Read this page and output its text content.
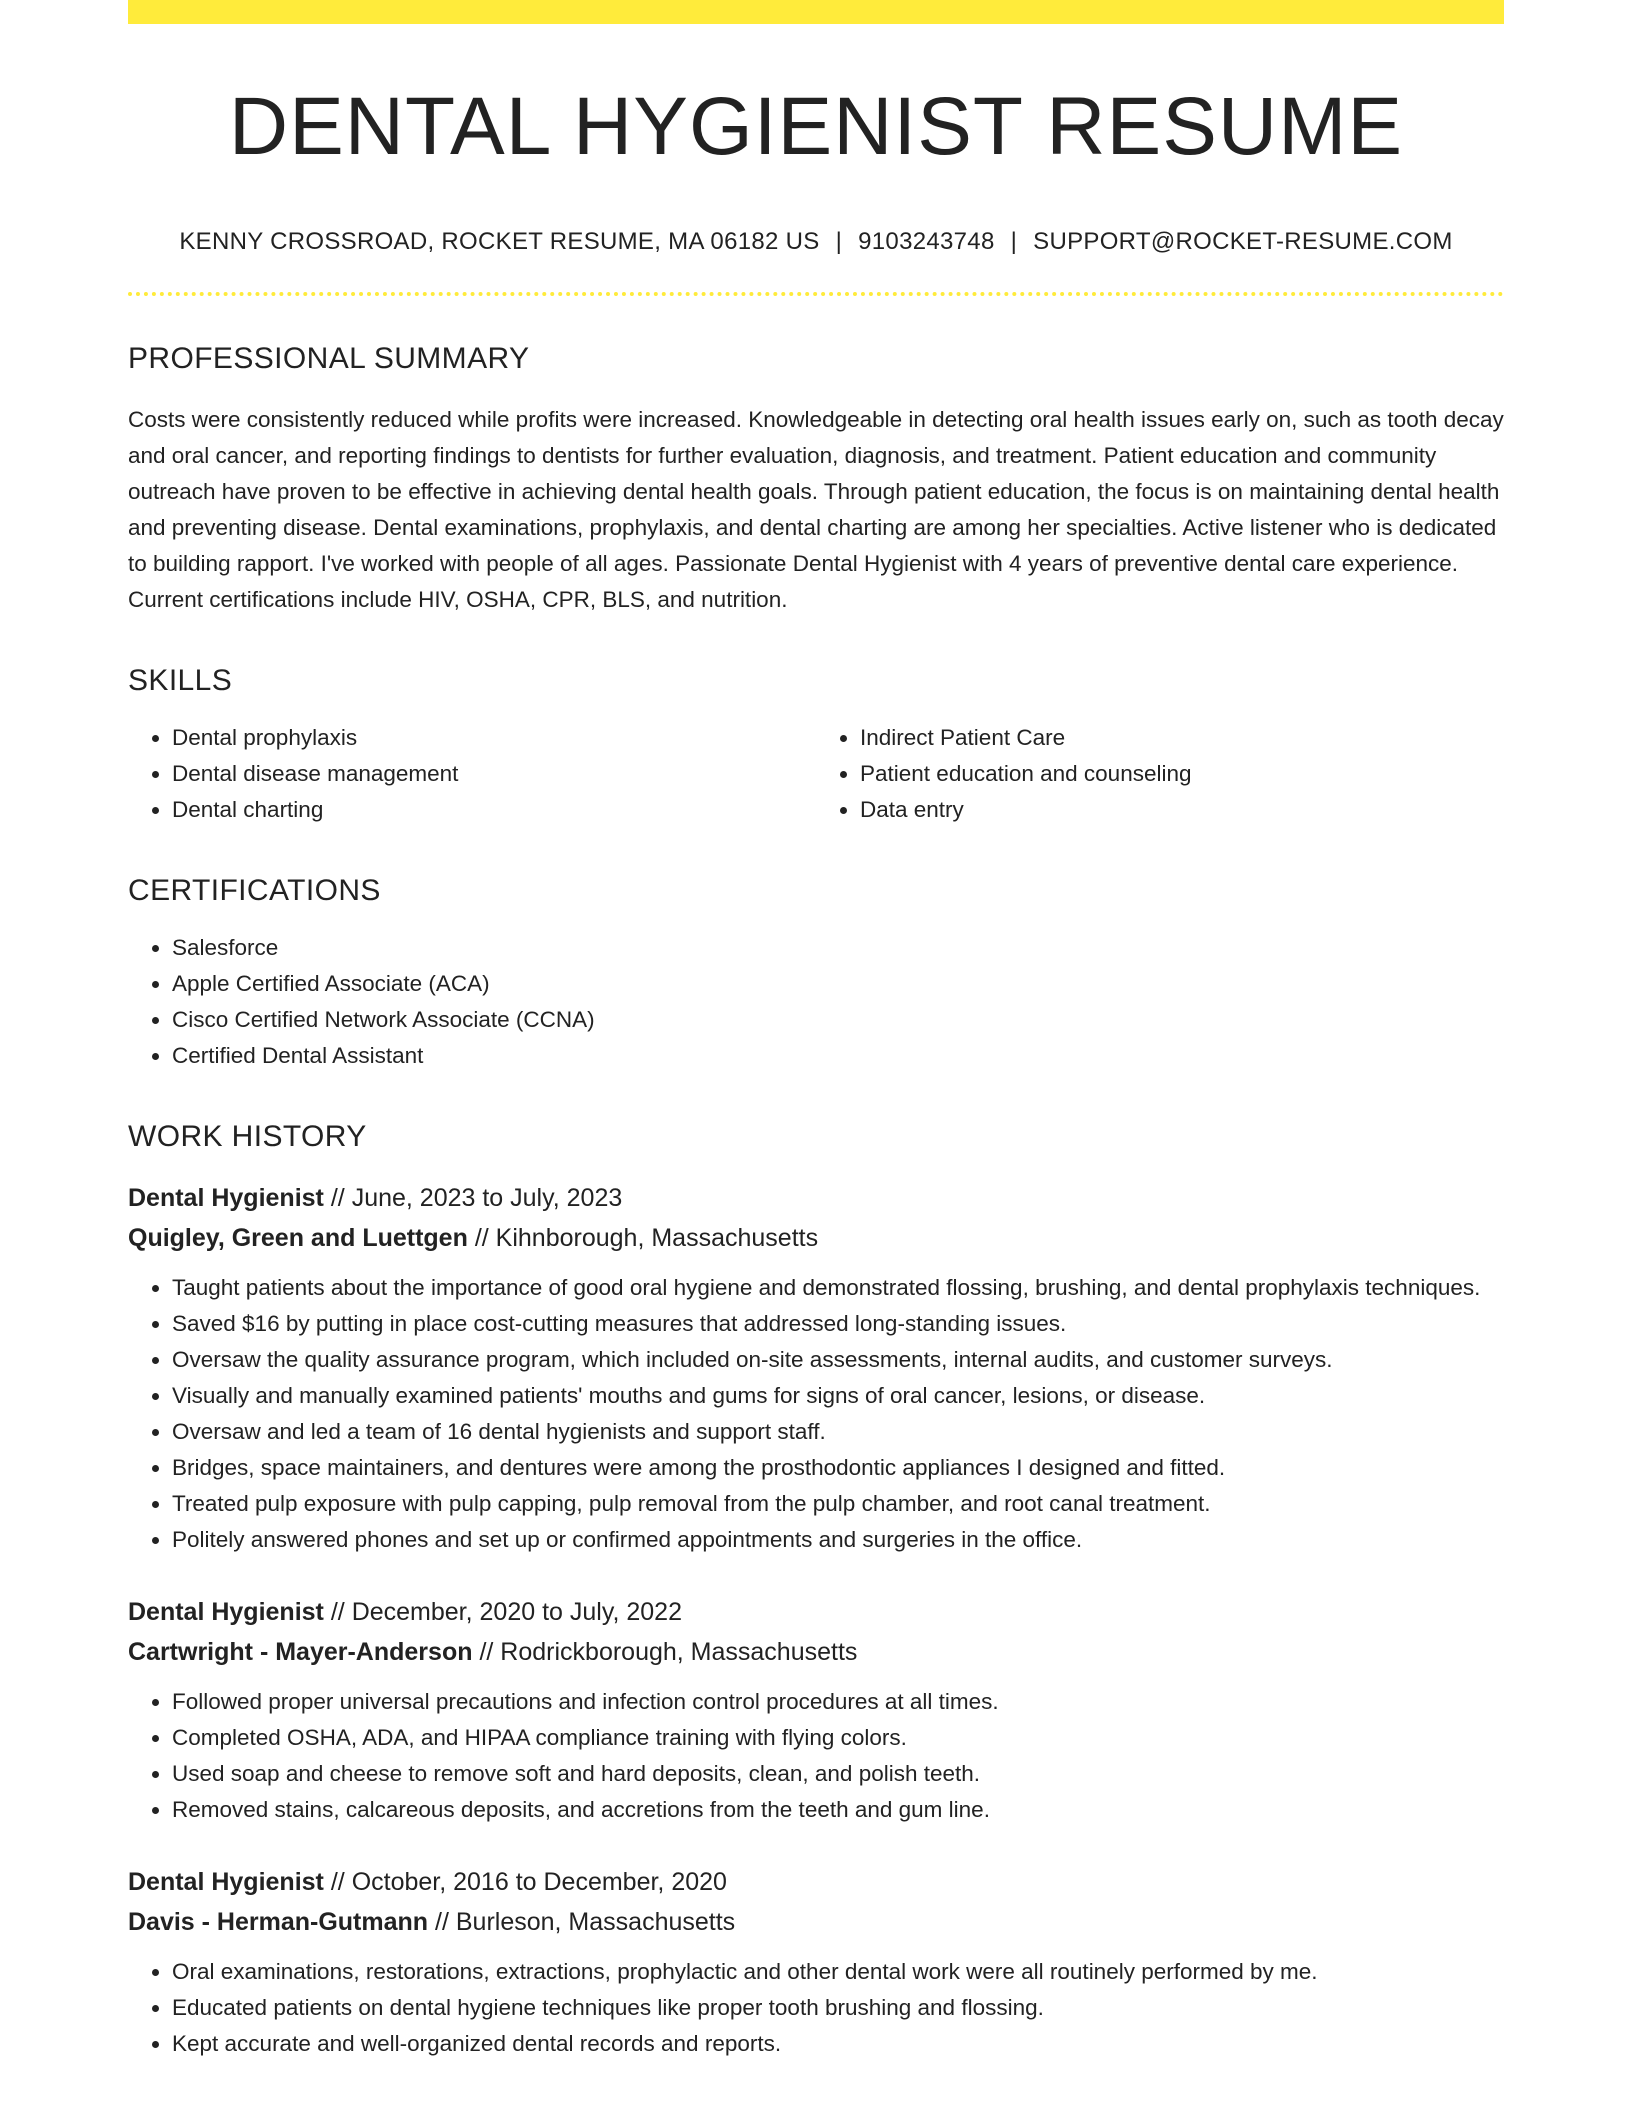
DENTAL HYGIENIST RESUME
KENNY CROSSROAD, ROCKET RESUME, MA 06182 US | 9103243748 | SUPPORT@ROCKET-RESUME.COM
PROFESSIONAL SUMMARY

Costs were consistently reduced while profits were increased. Knowledgeable in detecting oral health issues early on, such as tooth decay and oral cancer, and reporting findings to dentists for further evaluation, diagnosis, and treatment. Patient education and community outreach have proven to be effective in achieving dental health goals. Through patient education, the focus is on maintaining dental health and preventing disease. Dental examinations, prophylaxis, and dental charting are among her specialties. Active listener who is dedicated to building rapport. I've worked with people of all ages. Passionate Dental Hygienist with 4 years of preventive dental care experience. Current certifications include HIV, OSHA, CPR, BLS, and nutrition.

SKILLS
• Dental prophylaxis
• Dental disease management
• Dental charting
• Indirect Patient Care
• Patient education and counseling
• Data entry
CERTIFICATIONS
• Salesforce
• Apple Certified Associate (ACA)
• Cisco Certified Network Associate (CCNA)
• Certified Dental Assistant
WORK HISTORY
Dental Hygienist // June, 2023 to July, 2023
Quigley, Green and Luettgen // Kihnborough, Massachusetts
• Taught patients about the importance of good oral hygiene and demonstrated flossing, brushing, and dental prophylaxis techniques.
• Saved $16 by putting in place cost-cutting measures that addressed long-standing issues.
• Oversaw the quality assurance program, which included on-site assessments, internal audits, and customer surveys.
• Visually and manually examined patients' mouths and gums for signs of oral cancer, lesions, or disease.
• Oversaw and led a team of 16 dental hygienists and support staff.
• Bridges, space maintainers, and dentures were among the prosthodontic appliances I designed and fitted.
• Treated pulp exposure with pulp capping, pulp removal from the pulp chamber, and root canal treatment.
• Politely answered phones and set up or confirmed appointments and surgeries in the office.
Dental Hygienist // December, 2020 to July, 2022
Cartwright - Mayer-Anderson // Rodrickborough, Massachusetts
• Followed proper universal precautions and infection control procedures at all times.
• Completed OSHA, ADA, and HIPAA compliance training with flying colors.
• Used soap and cheese to remove soft and hard deposits, clean, and polish teeth.
• Removed stains, calcareous deposits, and accretions from the teeth and gum line.
Dental Hygienist // October, 2016 to December, 2020
Davis - Herman-Gutmann // Burleson, Massachusetts
• Oral examinations, restorations, extractions, prophylactic and other dental work were all routinely performed by me.
• Educated patients on dental hygiene techniques like proper tooth brushing and flossing.
• Kept accurate and well-organized dental records and reports.
